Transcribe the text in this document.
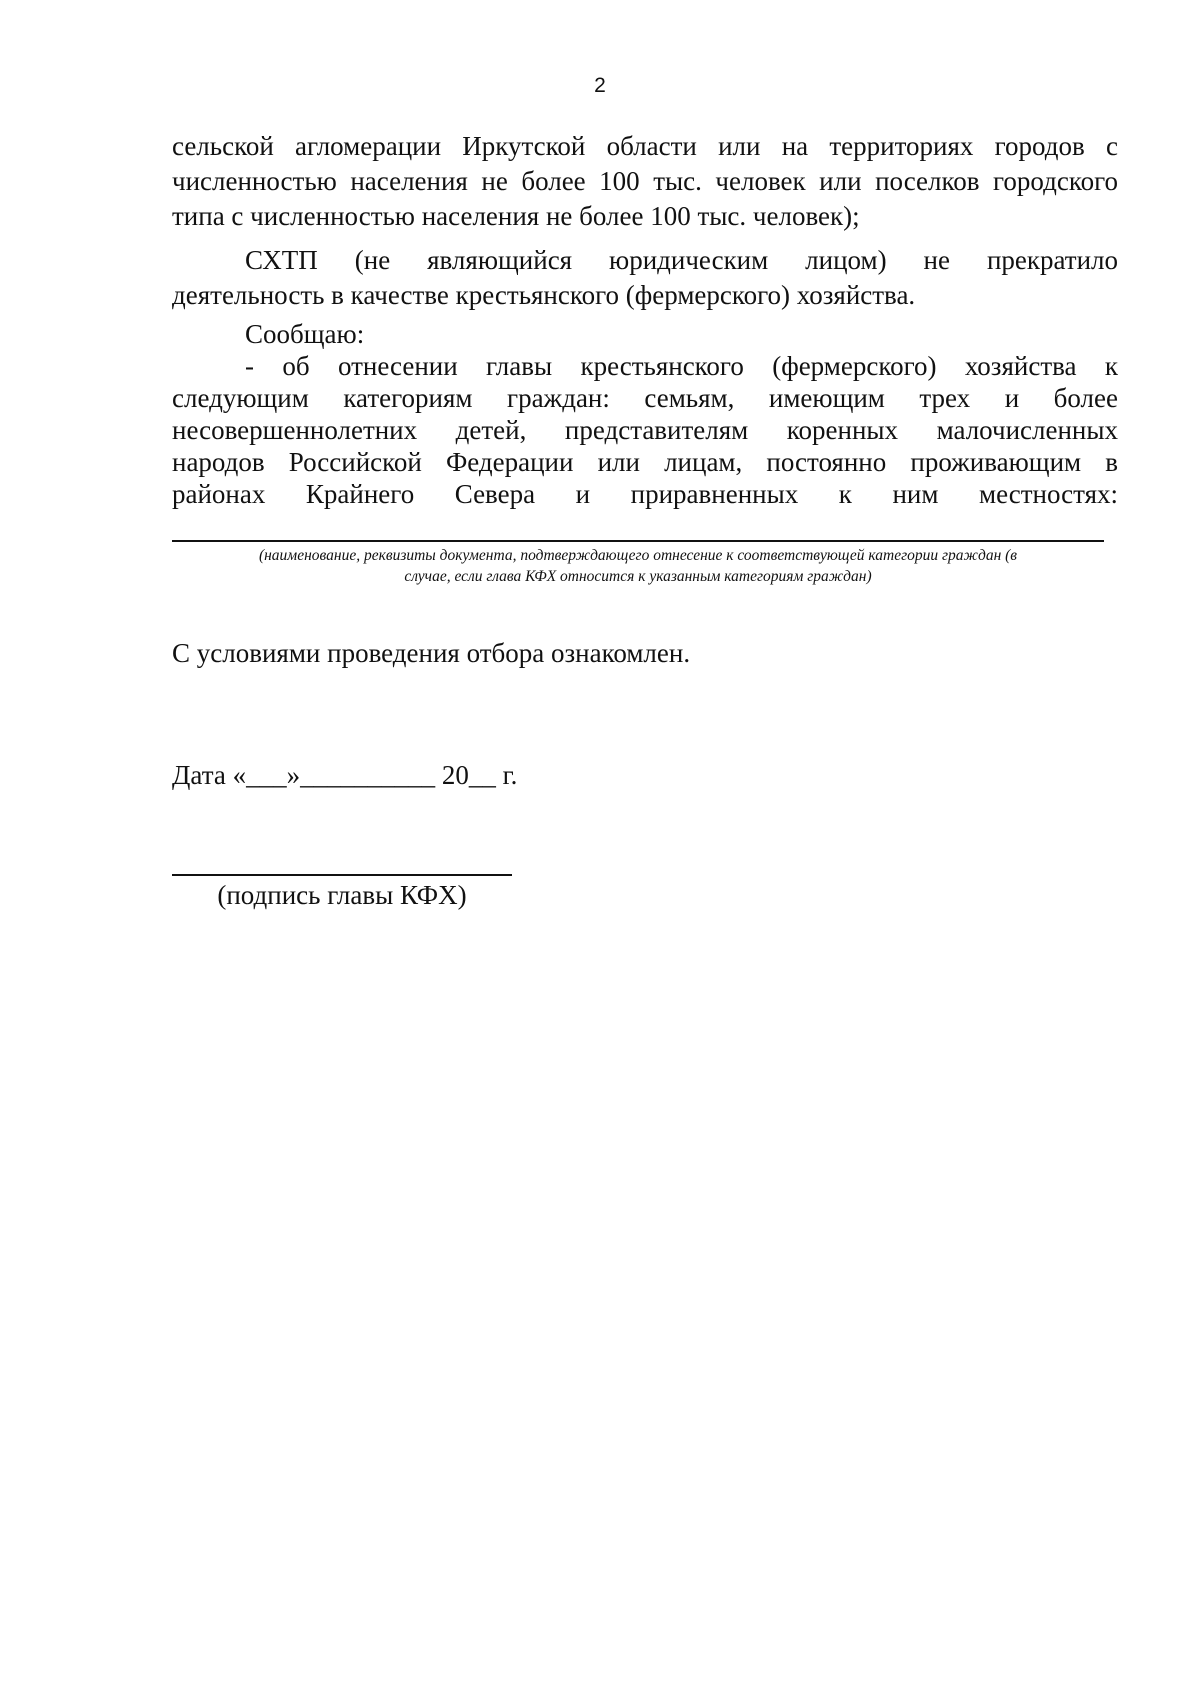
2
сельской агломерации Иркутской области или на территориях городов с
численностью населения не более 100 тыс. человек или поселков городского
типа с численностью населения не более 100 тыс. человек);
СХТП (не являющийся юридическим лицом) не прекратило
деятельность в качестве крестьянского (фермерского) хозяйства.
Сообщаю:
- об отнесении главы крестьянского (фермерского) хозяйства к
следующим категориям граждан: семьям, имеющим трех и более
несовершеннолетних детей, представителям коренных малочисленных
народов Российской Федерации или лицам, постоянно проживающим в
районах Крайнего Севера и приравненных к ним местностях:
(наименование, реквизиты документа, подтверждающего отнесение к соответствующей категории граждан (в
случае, если глава КФХ относится к указанным категориям граждан)
С условиями проведения отбора ознакомлен.
Дата «___»__________ 20__ г.
(подпись главы КФХ)
